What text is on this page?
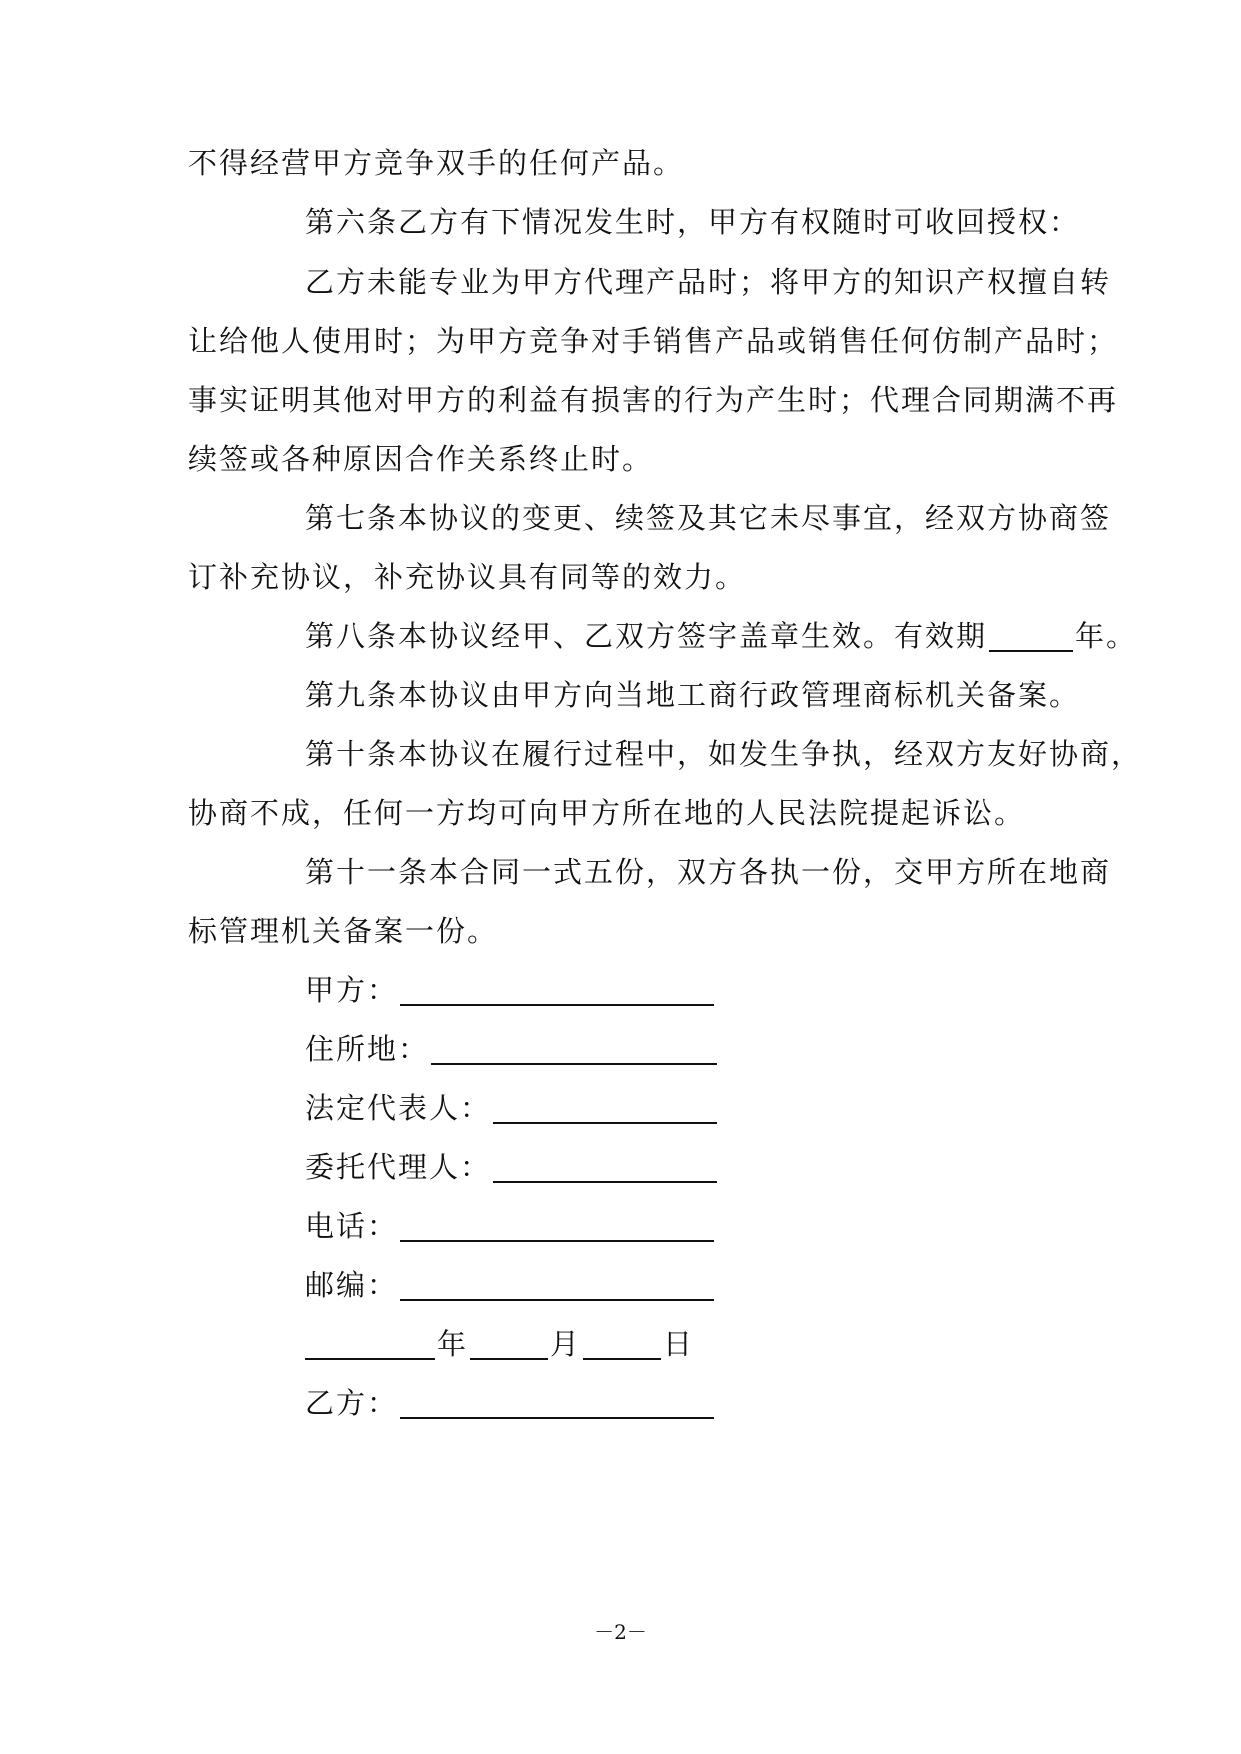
不得经营甲方竞争双手的任何产品。
第六条乙方有下情况发生时，甲方有权随时可收回授权：
乙方未能专业为甲方代理产品时；将甲方的知识产权擅自转
让给他人使用时；为甲方竞争对手销售产品或销售任何仿制产品时；
事实证明其他对甲方的利益有损害的行为产生时；代理合同期满不再
续签或各种原因合作关系终止时。
第七条本协议的变更、续签及其它未尽事宜，经双方协商签
订补充协议，补充协议具有同等的效力。
第八条本协议经甲、乙双方签字盖章生效。有效期	年。
第九条本协议由甲方向当地工商行政管理商标机关备案。
第十条本协议在履行过程中，如发生争执，经双方友好协商，
协商不成，任何一方均可向甲方所在地的人民法院提起诉讼。
第十一条本合同一式五份，双方各执一份，交甲方所在地商
标管理机关备案一份。
甲方：
住所地：
法定代表人：
委托代理人：
电话：
邮编：
年	月	日
乙方：
－2－
